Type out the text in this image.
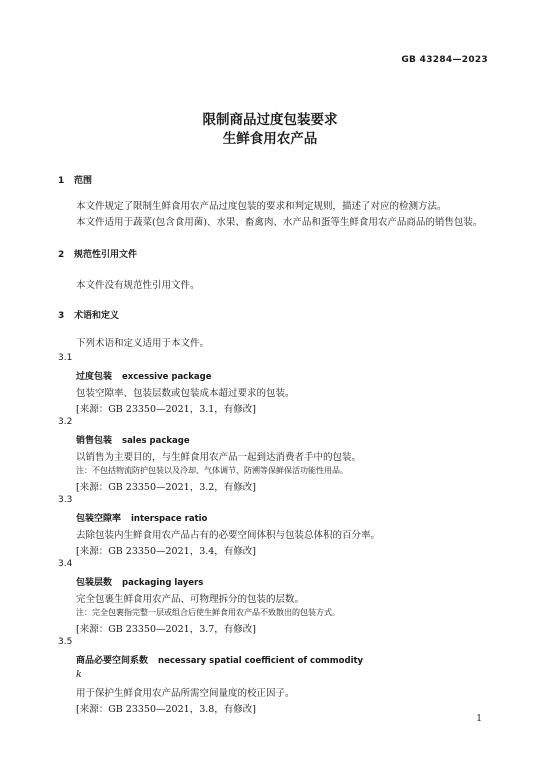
GB 43284—2023
限制商品过度包装要求
生鲜食用农产品
1 范围
本文件规定了限制生鲜食用农产品过度包装的要求和判定规则，描述了对应的检测方法。
本文件适用于蔬菜(包含食用菌)、水果、畜禽肉、水产品和蛋等生鲜食用农产品商品的销售包装。
2 规范性引用文件
本文件没有规范性引用文件。
3 术语和定义
下列术语和定义适用于本文件。
3.1
过度包装 excessive package
包装空隙率、包装层数或包装成本超过要求的包装。
[来源：GB 23350—2021，3.1，有修改]
3.2
销售包装 sales package
以销售为主要目的，与生鲜食用农产品一起到达消费者手中的包装。
注：不包括物流防护包装以及冷却、气体调节、防溯等保鲜保活功能性用品。
[来源：GB 23350—2021，3.2，有修改]
3.3
包装空隙率 interspace ratio
去除包装内生鲜食用农产品占有的必要空间体积与包装总体积的百分率。
[来源：GB 23350—2021，3.4，有修改]
3.4
包装层数 packaging layers
完全包裹生鲜食用农产品、可物理拆分的包装的层数。
注：完全包裹指完整一层或组合后使生鲜食用农产品不致散出的包装方式。
[来源：GB 23350—2021，3.7，有修改]
3.5
商品必要空间系数 necessary spatial coefficient of commodity
k
用于保护生鲜食用农产品所需空间量度的校正因子。
[来源：GB 23350—2021，3.8，有修改]
1
